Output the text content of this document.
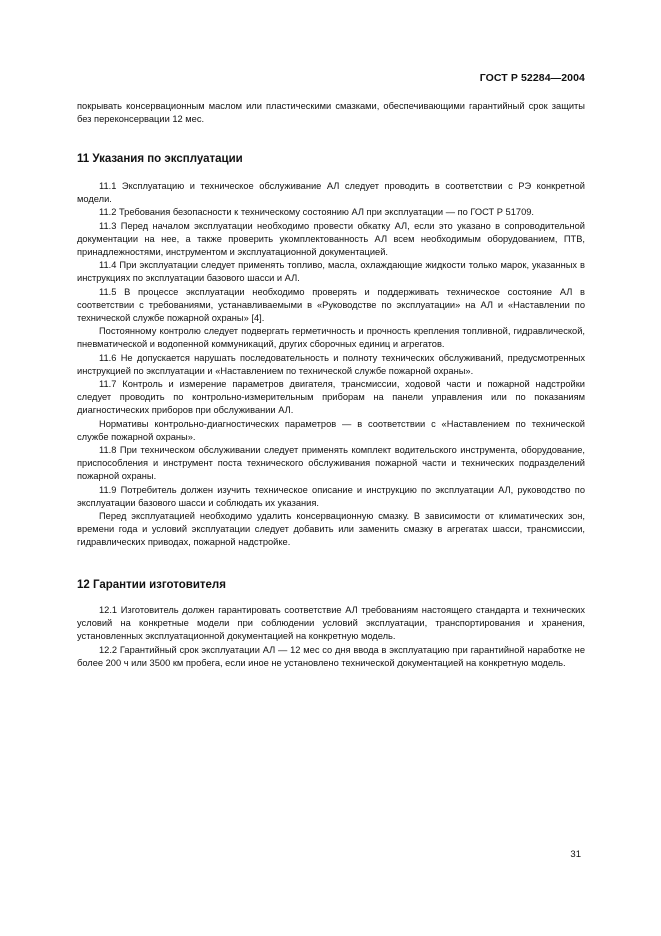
ГОСТ Р 52284—2004

покрывать консервационным маслом или пластическими смазками, обеспечивающими гарантийный срок защиты без переконсервации 12 мес.

11 Указания по эксплуатации

11.1 Эксплуатацию и техническое обслуживание АЛ следует проводить в соответствии с РЭ конкретной модели.

11.2 Требования безопасности к техническому состоянию АЛ при эксплуатации — по ГОСТ Р 51709.

11.3 Перед началом эксплуатации необходимо провести обкатку АЛ, если это указано в сопроводительной документации на нее, а также проверить укомплектованность АЛ всем необходимым оборудованием, ПТВ, принадлежностями, инструментом и эксплуатационной документацией.

11.4 При эксплуатации следует применять топливо, масла, охлаждающие жидкости только марок, указанных в инструкциях по эксплуатации базового шасси и АЛ.

11.5 В процессе эксплуатации необходимо проверять и поддерживать техническое состояние АЛ в соответствии с требованиями, устанавливаемыми в «Руководстве по эксплуатации» на АЛ и «Наставлении по технической службе пожарной охраны» [4].

Постоянному контролю следует подвергать герметичность и прочность крепления топливной, гидравлической, пневматической и водопенной коммуникаций, других сборочных единиц и агрегатов.

11.6 Не допускается нарушать последовательность и полноту технических обслуживаний, предусмотренных инструкцией по эксплуатации и «Наставлением по технической службе пожарной охраны».

11.7 Контроль и измерение параметров двигателя, трансмиссии, ходовой части и пожарной надстройки следует проводить по контрольно-измерительным приборам на панели управления или по показаниям диагностических приборов при обслуживании АЛ.

Нормативы контрольно-диагностических параметров — в соответствии с «Наставлением по технической службе пожарной охраны».

11.8 При техническом обслуживании следует применять комплект водительского инструмента, оборудование, приспособления и инструмент поста технического обслуживания пожарной части и технических подразделений пожарной охраны.

11.9 Потребитель должен изучить техническое описание и инструкцию по эксплуатации АЛ, руководство по эксплуатации базового шасси и соблюдать их указания.

Перед эксплуатацией необходимо удалить консервационную смазку. В зависимости от климатических зон, времени года и условий эксплуатации следует добавить или заменить смазку в агрегатах шасси, трансмиссии, гидравлических приводах, пожарной надстройке.

12 Гарантии изготовителя

12.1 Изготовитель должен гарантировать соответствие АЛ требованиям настоящего стандарта и технических условий на конкретные модели при соблюдении условий эксплуатации, транспортирования и хранения, установленных эксплуатационной документацией на конкретную модель.

12.2 Гарантийный срок эксплуатации АЛ — 12 мес со дня ввода в эксплуатацию при гарантийной наработке не более 200 ч или 3500 км пробега, если иное не установлено технической документацией на конкретную модель.

31
